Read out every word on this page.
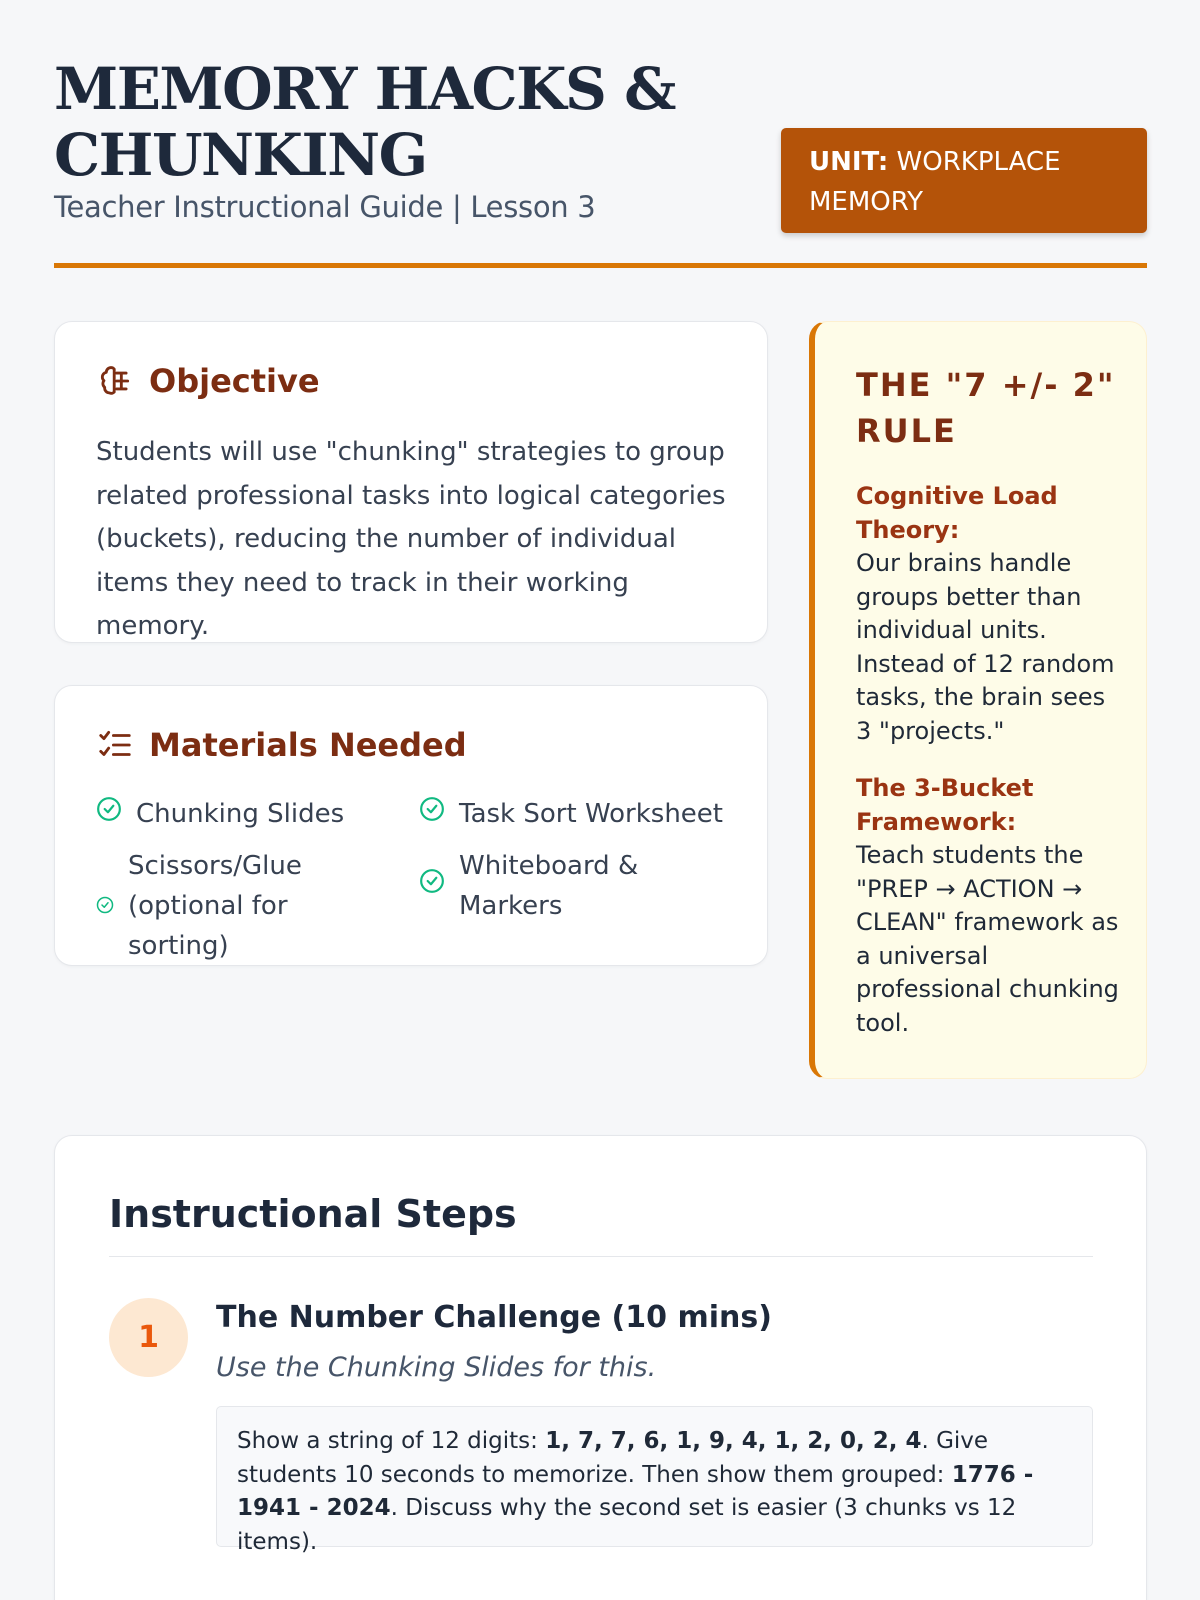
MEMORY HACKS & CHUNKING
Teacher Instructional Guide | Lesson 3
UNIT: WORKPLACE MEMORY
Objective

Students will use "chunking" strategies to group related professional tasks into logical categories (buckets), reducing the number of individual items they need to track in their working memory.

Materials Needed
Chunking Slides	Task Sort Worksheet
Scissors/Glue (optional for sorting)
Whiteboard & Markers
THE "7 +/- 2" RULE
Cognitive Load Theory:
Our brains handle groups better than individual units. Instead of 12 random tasks, the brain sees 3 "projects."
The 3-Bucket Framework:
Teach students the "PREP → ACTION → CLEAN" framework as a universal professional chunking tool.
Instructional Steps
1
The Number Challenge (10 mins)
Use the Chunking Slides for this.
Show a string of 12 digits: 1, 7, 7, 6, 1, 9, 4, 1, 2, 0, 2, 4. Give students 10 seconds to memorize. Then show them grouped: 1776 - 1941 - 2024. Discuss why the second set is easier (3 chunks vs 12 items).
